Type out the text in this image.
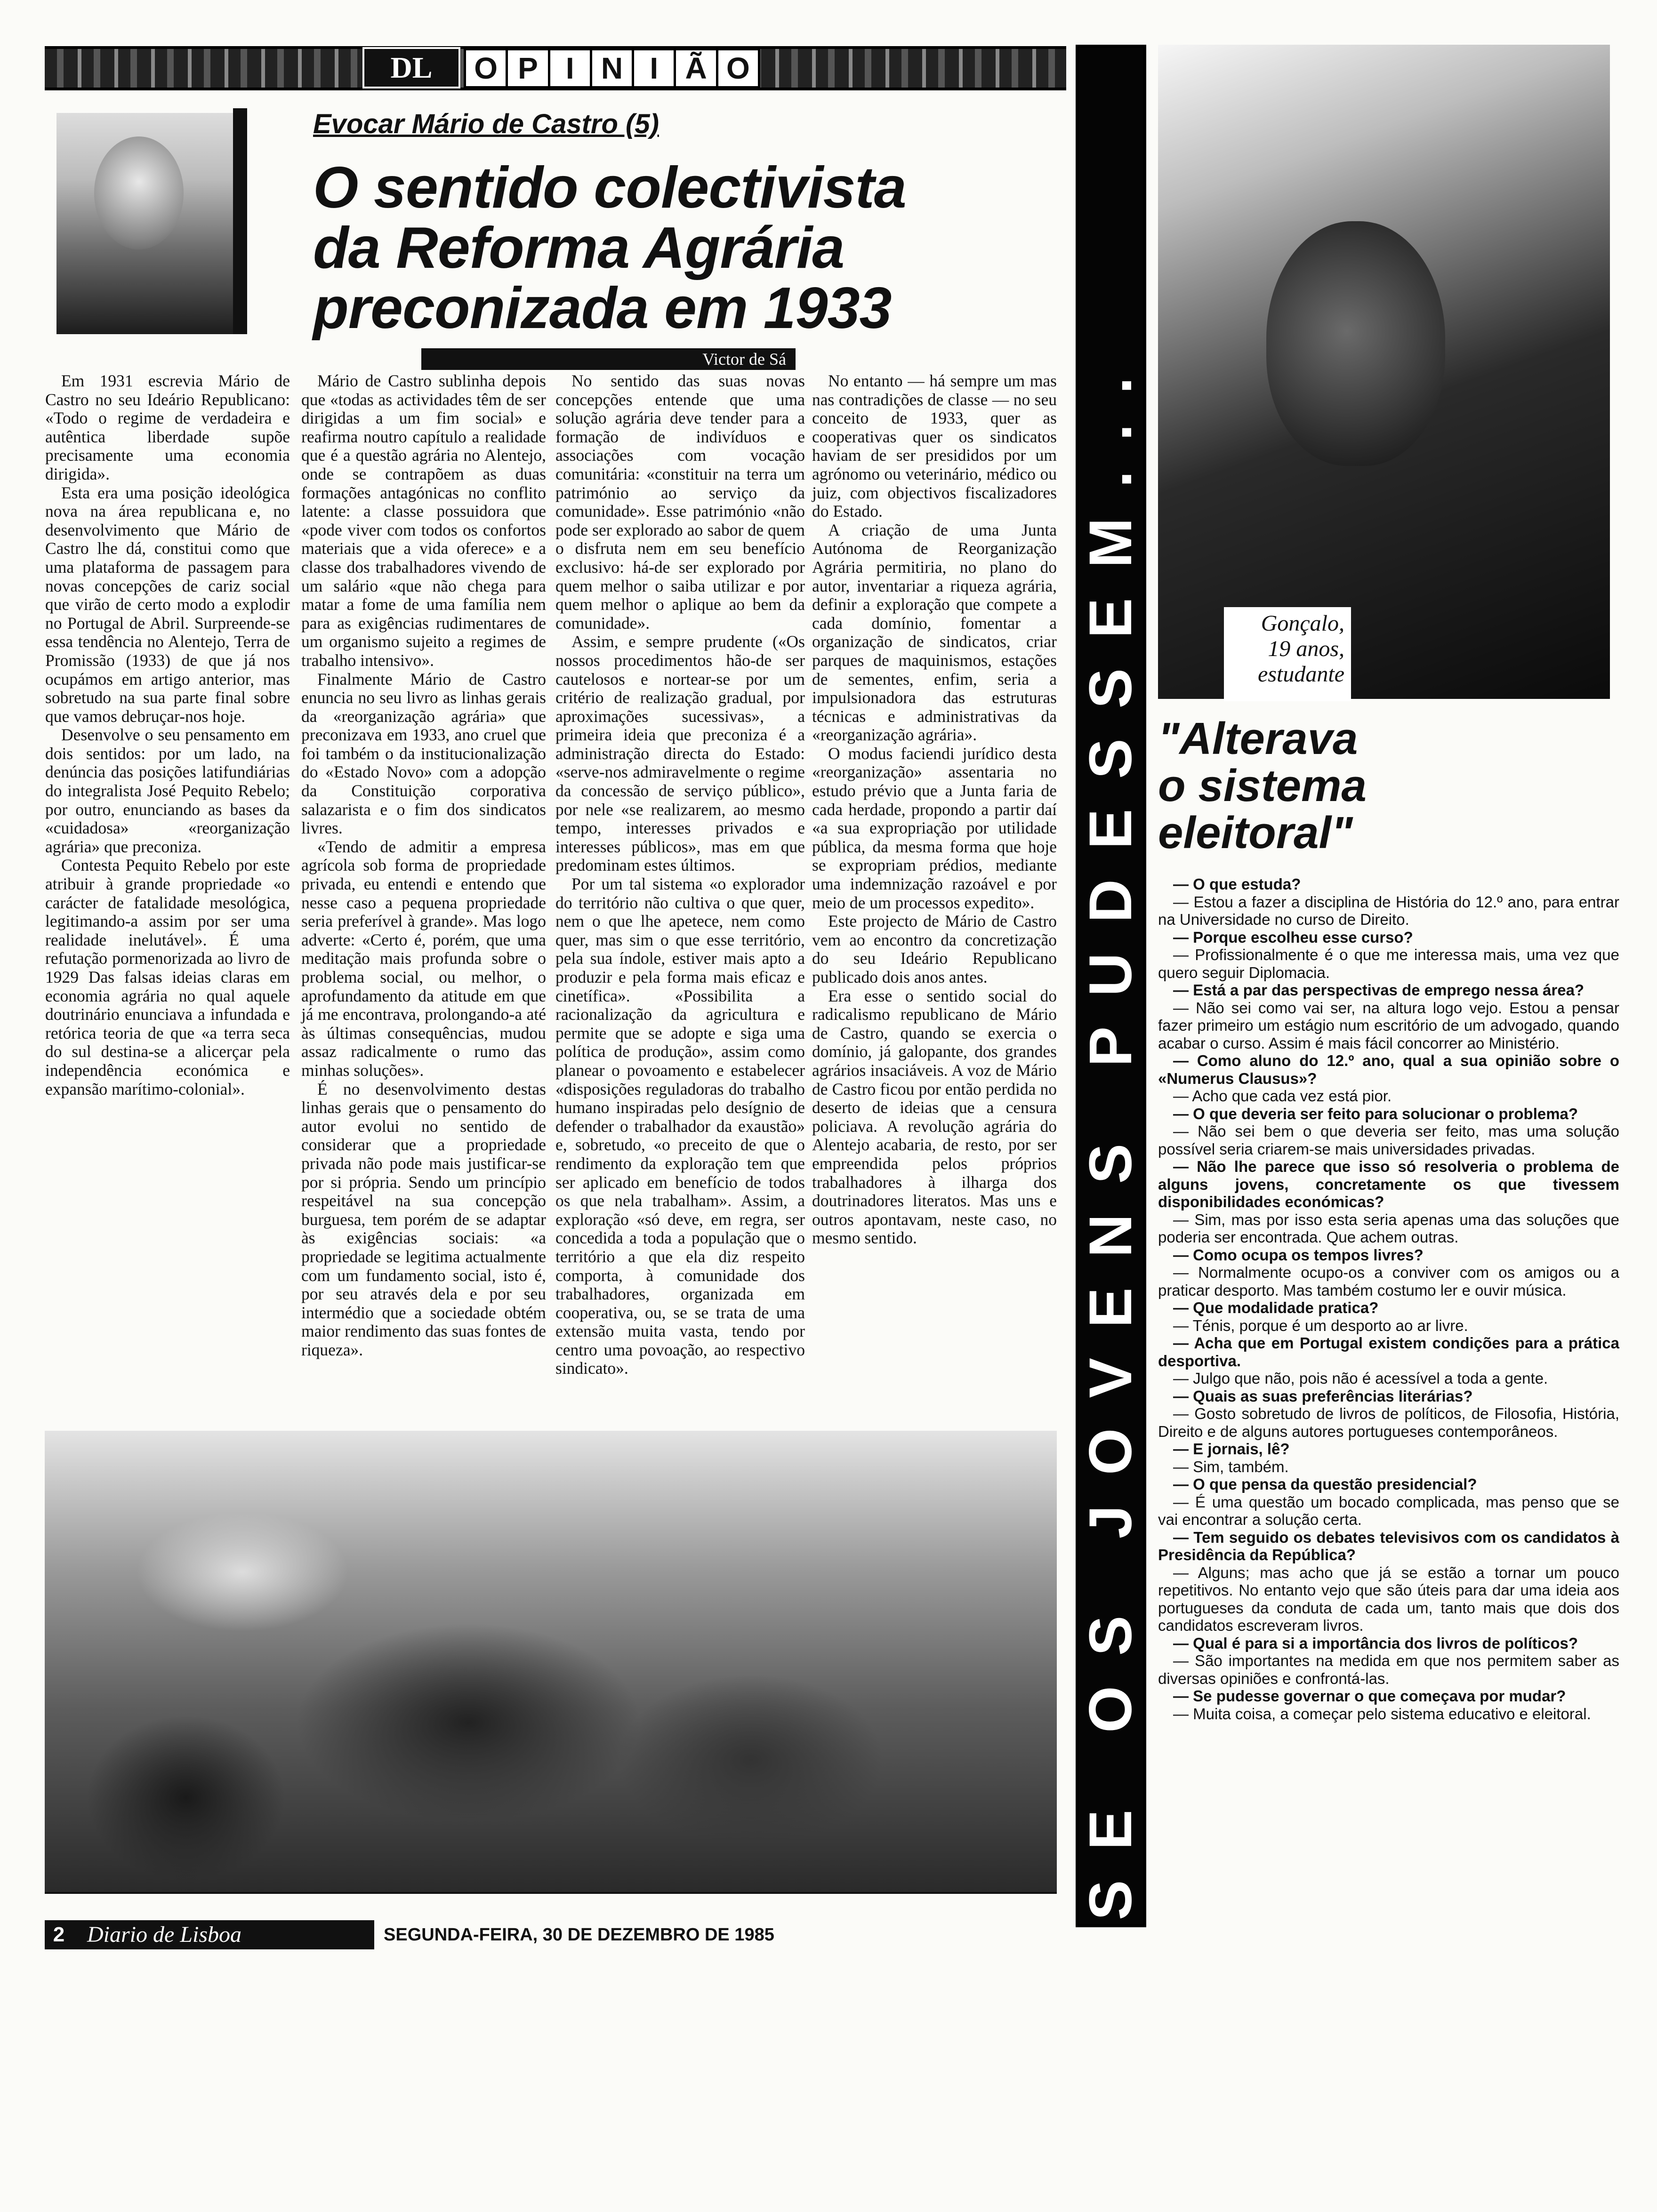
DL	O P I N I Ã O
Evocar Mário de Castro (5)
O sentido colectivista
da Reforma Agrária
preconizada em 1933
Victor de Sá

Em 1931 escrevia Mário de Castro no seu Ideário Republicano: «Todo o regime de verdadeira e autêntica liberdade supõe precisamente uma economia dirigida».

Esta era uma posição ideológica nova na área republicana e, no desenvolvimento que Mário de Castro lhe dá, constitui como que uma plataforma de passagem para novas concepções de cariz social que virão de certo modo a explodir no Portugal de Abril. Surpreende-se essa tendência no Alentejo, Terra de Promissão (1933) de que já nos ocupámos em artigo anterior, mas sobretudo na sua parte final sobre que vamos debruçar-nos hoje.

Desenvolve o seu pensamento em dois sentidos: por um lado, na denúncia das posições latifundiárias do integralista José Pequito Rebelo; por outro, enunciando as bases da «cuidadosa» «reorganização agrária» que preconiza.

Contesta Pequito Rebelo por este atribuir à grande propriedade «o carácter de fatalidade mesológica, legitimando-a assim por ser uma realidade inelutável». É uma refutação pormenorizada ao livro de 1929 Das falsas ideias claras em economia agrária no qual aquele doutrinário enunciava a infundada e retórica teoria de que «a terra seca do sul destina-se a alicerçar pela independência económica e expansão marítimo-colonial».

Mário de Castro sublinha depois que «todas as actividades têm de ser dirigidas a um fim social» e reafirma noutro capítulo a realidade que é a questão agrária no Alentejo, onde se contrapõem as duas formações antagónicas no conflito latente: a classe possuidora que «pode viver com todos os confortos materiais que a vida oferece» e a classe dos trabalhadores vivendo de um salário «que não chega para matar a fome de uma família nem para as exigências rudimentares de um organismo sujeito a regimes de trabalho intensivo».

Finalmente Mário de Castro enuncia no seu livro as linhas gerais da «reorganização agrária» que preconizava em 1933, ano cruel que foi também o da institucionalização do «Estado Novo» com a adopção da Constituição corporativa salazarista e o fim dos sindicatos livres.

«Tendo de admitir a empresa agrícola sob forma de propriedade privada, eu entendi e entendo que nesse caso a pequena propriedade seria preferível à grande». Mas logo adverte: «Certo é, porém, que uma meditação mais profunda sobre o problema social, ou melhor, o aprofundamento da atitude em que já me encontrava, prolongando-a até às últimas consequências, mudou assaz radicalmente o rumo das minhas soluções».

É no desenvolvimento destas linhas gerais que o pensamento do autor evolui no sentido de considerar que a propriedade privada não pode mais justificar-se por si própria. Sendo um princípio respeitável na sua concepção burguesa, tem porém de se adaptar às exigências sociais: «a propriedade se legitima actualmente com um fundamento social, isto é, por seu através dela e por seu intermédio que a sociedade obtém maior rendimento das suas fontes de riqueza».

No sentido das suas novas concepções entende que uma solução agrária deve tender para a formação de indivíduos e associações com vocação comunitária: «constituir na terra um património ao serviço da comunidade». Esse património «não pode ser explorado ao sabor de quem o disfruta nem em seu benefício exclusivo: há-de ser explorado por quem melhor o saiba utilizar e por quem melhor o aplique ao bem da comunidade».

Assim, e sempre prudente («Os nossos procedimentos hão-de ser cautelosos e nortear-se por um critério de realização gradual, por aproximações sucessivas», a primeira ideia que preconiza é a administração directa do Estado: «serve-nos admiravelmente o regime da concessão de serviço público», por nele «se realizarem, ao mesmo tempo, interesses privados e interesses públicos», mas em que predominam estes últimos.

Por um tal sistema «o explorador do território não cultiva o que quer, nem o que lhe apetece, nem como quer, mas sim o que esse território, pela sua índole, estiver mais apto a produzir e pela forma mais eficaz e cinetífica». «Possibilita a racionalização da agricultura e permite que se adopte e siga uma política de produção», assim como planear o povoamento e estabelecer «disposições reguladoras do trabalho humano inspiradas pelo desígnio de defender o trabalhador da exaustão» e, sobretudo, «o preceito de que o rendimento da exploração tem que ser aplicado em benefício de todos os que nela trabalham». Assim, a exploração «só deve, em regra, ser concedida a toda a população que o território a que ela diz respeito comporta, à comunidade dos trabalhadores, organizada em cooperativa, ou, se se trata de uma extensão muita vasta, tendo por centro uma povoação, ao respectivo sindicato».

No entanto — há sempre um mas nas contradições de classe — no seu conceito de 1933, quer as cooperativas quer os sindicatos haviam de ser presididos por um agrónomo ou veterinário, médico ou juiz, com objectivos fiscalizadores do Estado.

A criação de uma Junta Autónoma de Reorganização Agrária permitiria, no plano do autor, inventariar a riqueza agrária, definir a exploração que compete a cada domínio, fomentar a organização de sindicatos, criar parques de maquinismos, estações de sementes, enfim, seria a impulsionadora das estruturas técnicas e administrativas da «reorganização agrária».

O modus faciendi jurídico desta «reorganização» assentaria no estudo prévio que a Junta faria de cada herdade, propondo a partir daí «a sua expropriação por utilidade pública, da mesma forma que hoje se expropriam prédios, mediante uma indemnização razoável e por meio de um processos expedito».

Este projecto de Mário de Castro vem ao encontro da concretização do seu Ideário Republicano publicado dois anos antes.

Era esse o sentido social do radicalismo republicano de Mário de Castro, quando se exercia o domínio, já galopante, dos grandes agrários insaciáveis. A voz de Mário de Castro ficou por então perdida no deserto de ideias que a censura policiava. A revolução agrária do Alentejo acabaria, de resto, por ser empreendida pelos próprios trabalhadores à ilharga dos doutrinadores literatos. Mas uns e outros apontavam, neste caso, no mesmo sentido.

2 Diario de Lisboa	SEGUNDA-FEIRA, 30 DE DEZEMBRO DE 1985
SE OS JOVENS PUDESSEM...	Gonçalo,
19 anos,
estudante
"Alterava
o sistema
eleitoral"

— O que estuda?

— Estou a fazer a disciplina de História do 12.º ano, para entrar na Universidade no curso de Direito.

— Porque escolheu esse curso?

— Profissionalmente é o que me interessa mais, uma vez que quero seguir Diplomacia.

— Está a par das perspectivas de emprego nessa área?

— Não sei como vai ser, na altura logo vejo. Estou a pensar fazer primeiro um estágio num escritório de um advogado, quando acabar o curso. Assim é mais fácil concorrer ao Ministério.

— Como aluno do 12.º ano, qual a sua opinião sobre o «Numerus Clausus»?

— Acho que cada vez está pior.

— O que deveria ser feito para solucionar o problema?

— Não sei bem o que deveria ser feito, mas uma solução possível seria criarem-se mais universidades privadas.

— Não lhe parece que isso só resolveria o problema de alguns jovens, concretamente os que tivessem disponibilidades económicas?

— Sim, mas por isso esta seria apenas uma das soluções que poderia ser encontrada. Que achem outras.

— Como ocupa os tempos livres?

— Normalmente ocupo-os a conviver com os amigos ou a praticar desporto. Mas também costumo ler e ouvir música.

— Que modalidade pratica?

— Ténis, porque é um desporto ao ar livre.

— Acha que em Portugal existem condições para a prática desportiva.

— Julgo que não, pois não é acessível a toda a gente.

— Quais as suas preferências literárias?

— Gosto sobretudo de livros de políticos, de Filosofia, História, Direito e de alguns autores portugueses contemporâneos.

— E jornais, lê?

— Sim, também.

— O que pensa da questão presidencial?

— É uma questão um bocado complicada, mas penso que se vai encontrar a solução certa.

— Tem seguido os debates televisivos com os candidatos à Presidência da República?

— Alguns; mas acho que já se estão a tornar um pouco repetitivos. No entanto vejo que são úteis para dar uma ideia aos portugueses da conduta de cada um, tanto mais que dois dos candidatos escreveram livros.

— Qual é para si a importância dos livros de políticos?

— São importantes na medida em que nos permitem saber as diversas opiniões e confrontá-las.

— Se pudesse governar o que começava por mudar?

— Muita coisa, a começar pelo sistema educativo e eleitoral.
